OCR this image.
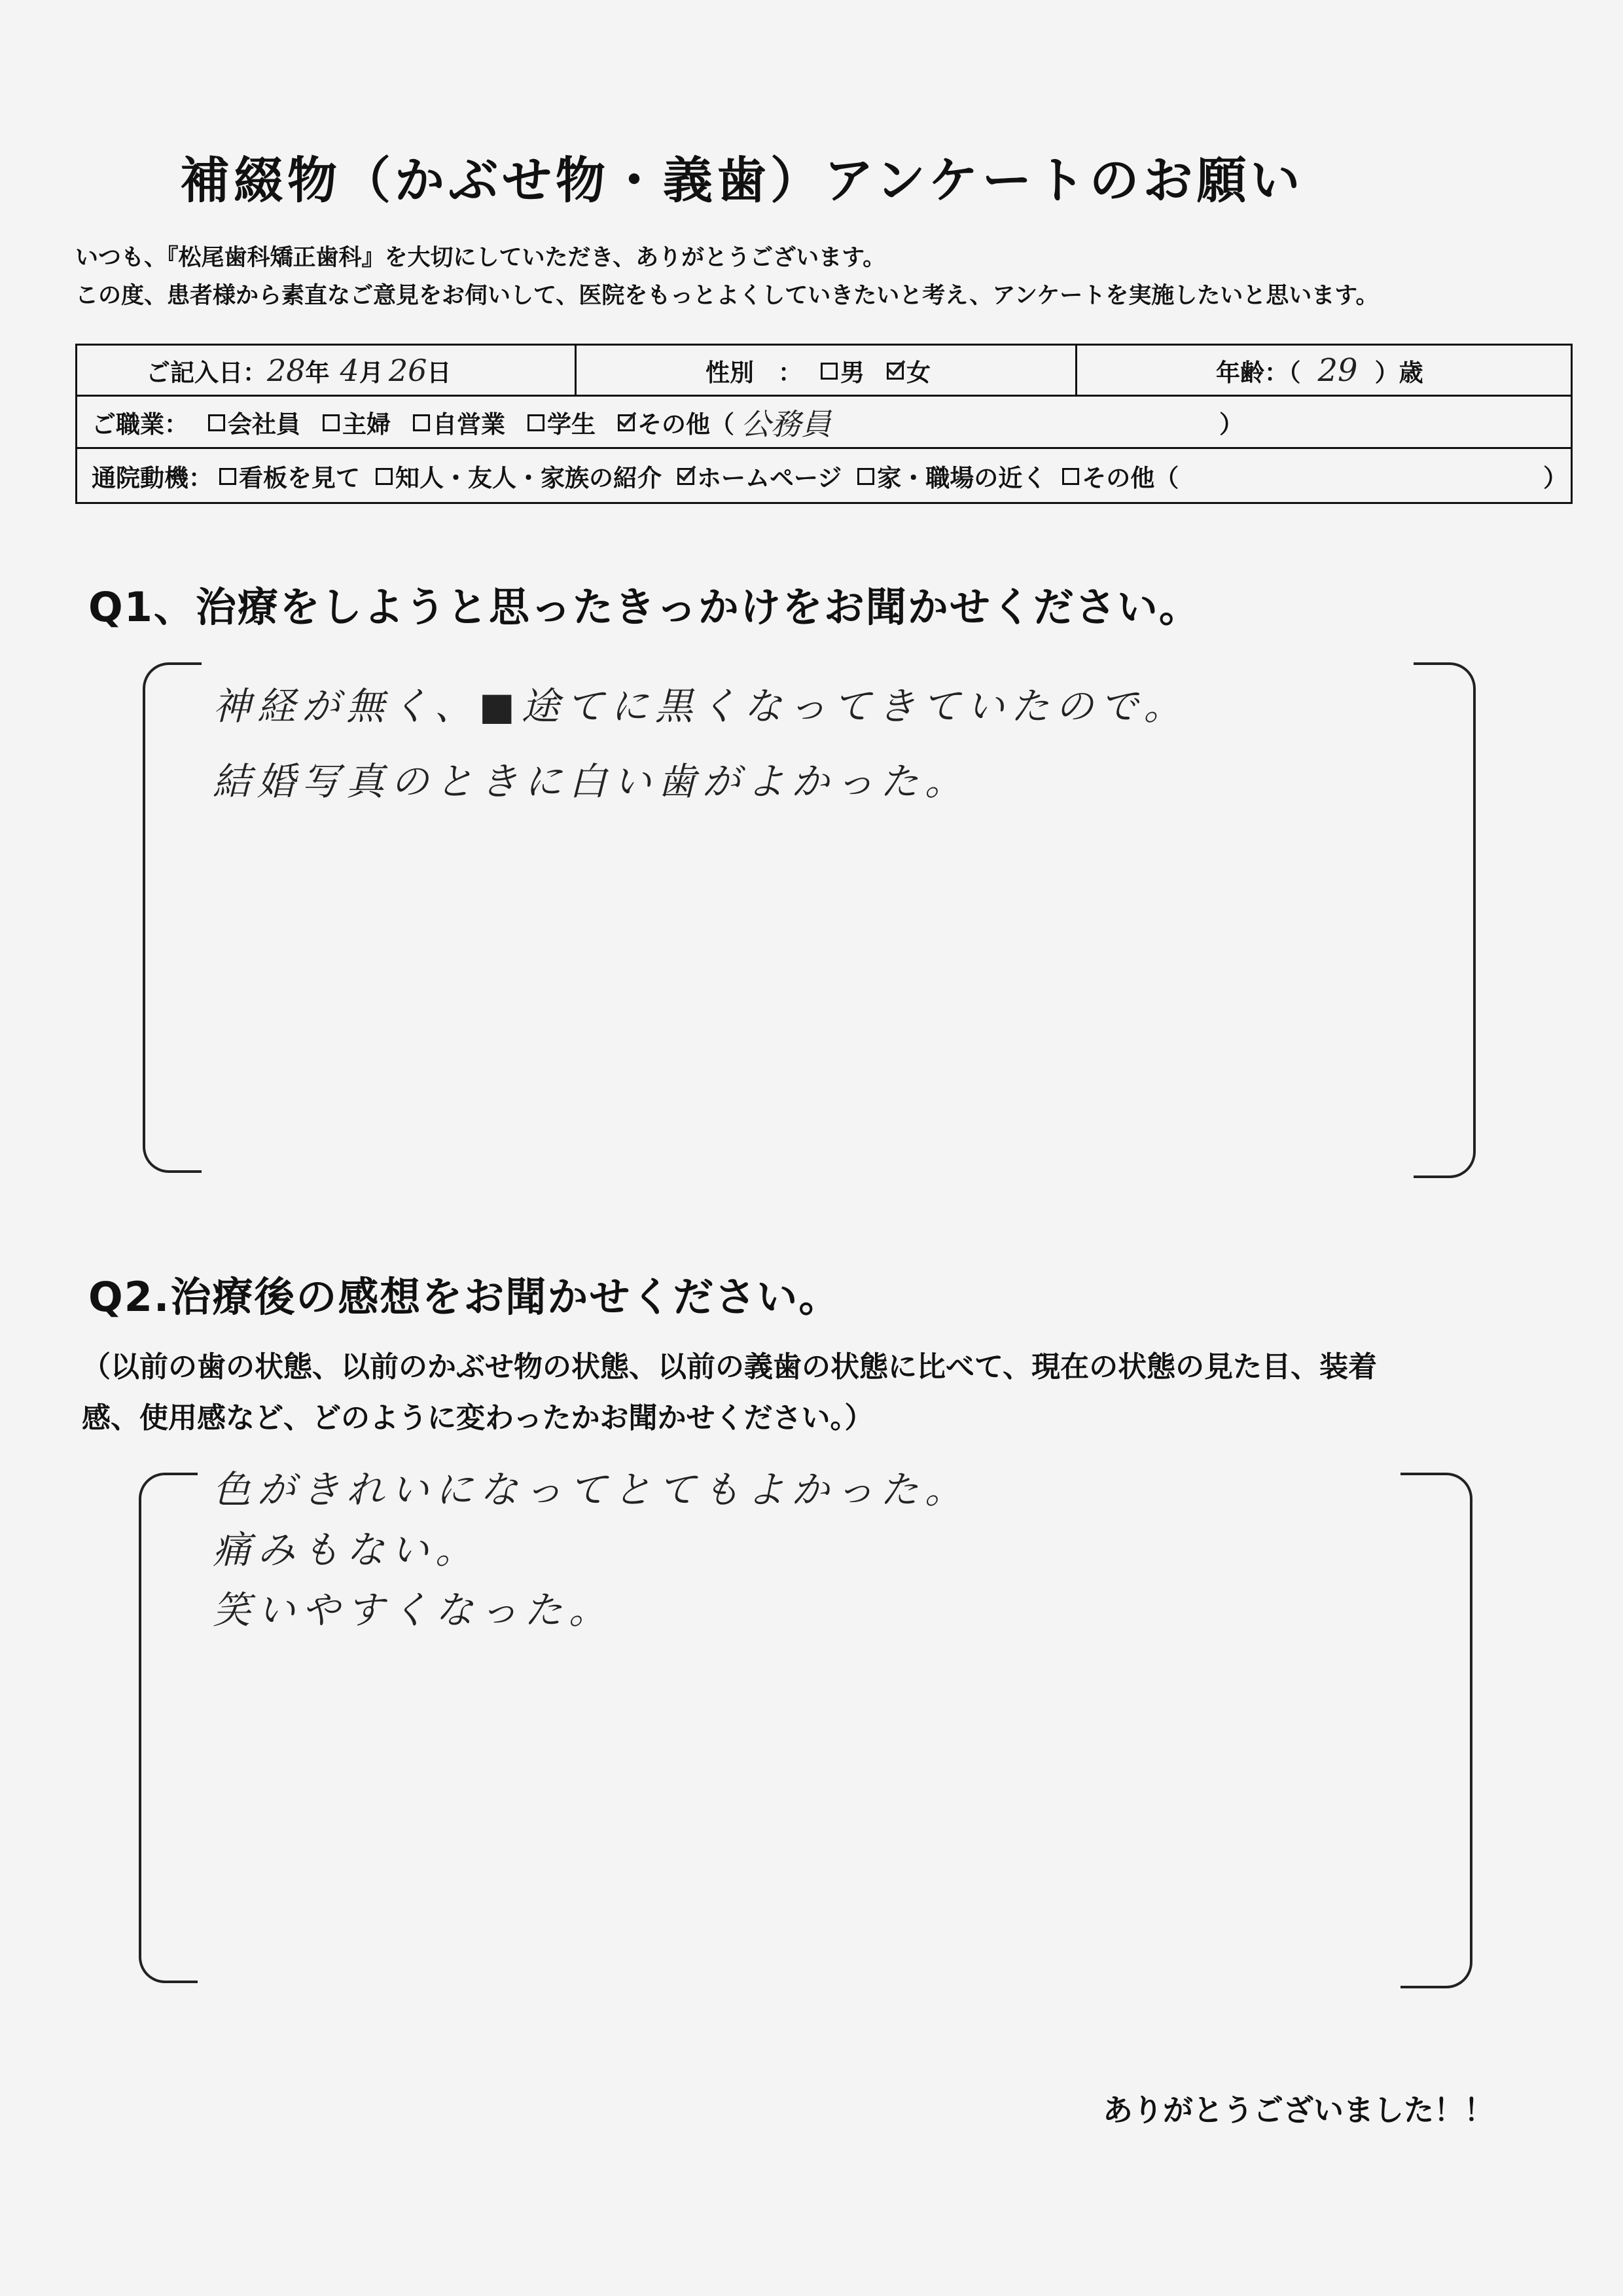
補綴物（かぶせ物・義歯）アンケートのお願い
いつも、『松尾歯科矯正歯科』を大切にしていただき、ありがとうございます。
この度、患者様から素直なご意見をお伺いして、医院をもっとよくしていきたいと考え、アンケートを実施したいと思います。
ご記入日： 28 年 4 月 26 日	性別　： 男 女	年齢：（ 29 ）歳
ご職業： 会社員 主婦 自営業 学生 その他（ 公務員	）
通院動機： 看板を見て 知人・友人・家族の紹介 ホームページ 家・職場の近く その他（	）
Q1、治療をしようと思ったきっかけをお聞かせください。
神経が無く、■途てに黒くなってきていたので。
結婚写真のときに白い歯がよかった。
Q2.治療後の感想をお聞かせください。
（以前の歯の状態、以前のかぶせ物の状態、以前の義歯の状態に比べて、現在の状態の見た目、装着
感、使用感など、どのように変わったかお聞かせください。）
色がきれいになってとてもよかった。
痛みもない。
笑いやすくなった。
ありがとうございました！！
